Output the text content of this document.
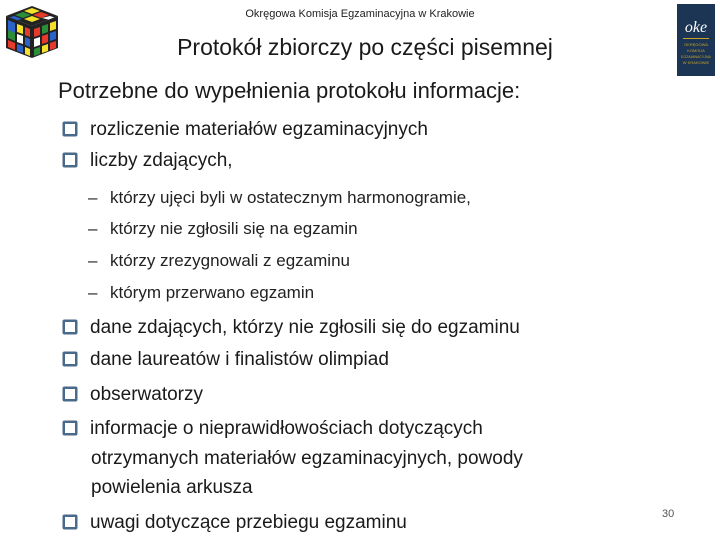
oke
OKRĘGOWA
KOMISJA
EGZAMINACYJNA
W KRAKOWIE
Okręgowa Komisja Egzaminacyjna w Krakowie
Protokół zbiorczy po części pisemnej
Potrzebne do wypełnienia protokołu informacje:
rozliczenie materiałów egzaminacyjnych
liczby zdających,
– którzy ujęci byli w ostatecznym harmonogramie,
– którzy nie zgłosili się na egzamin
– którzy zrezygnowali z egzaminu
– którym przerwano egzamin
dane zdających, którzy nie zgłosili się do egzaminu
dane laureatów i finalistów olimpiad
obserwatorzy
informacje o nieprawidłowościach dotyczących
otrzymanych materiałów egzaminacyjnych, powody
powielenia arkusza
uwagi dotyczące przebiegu egzaminu	30
